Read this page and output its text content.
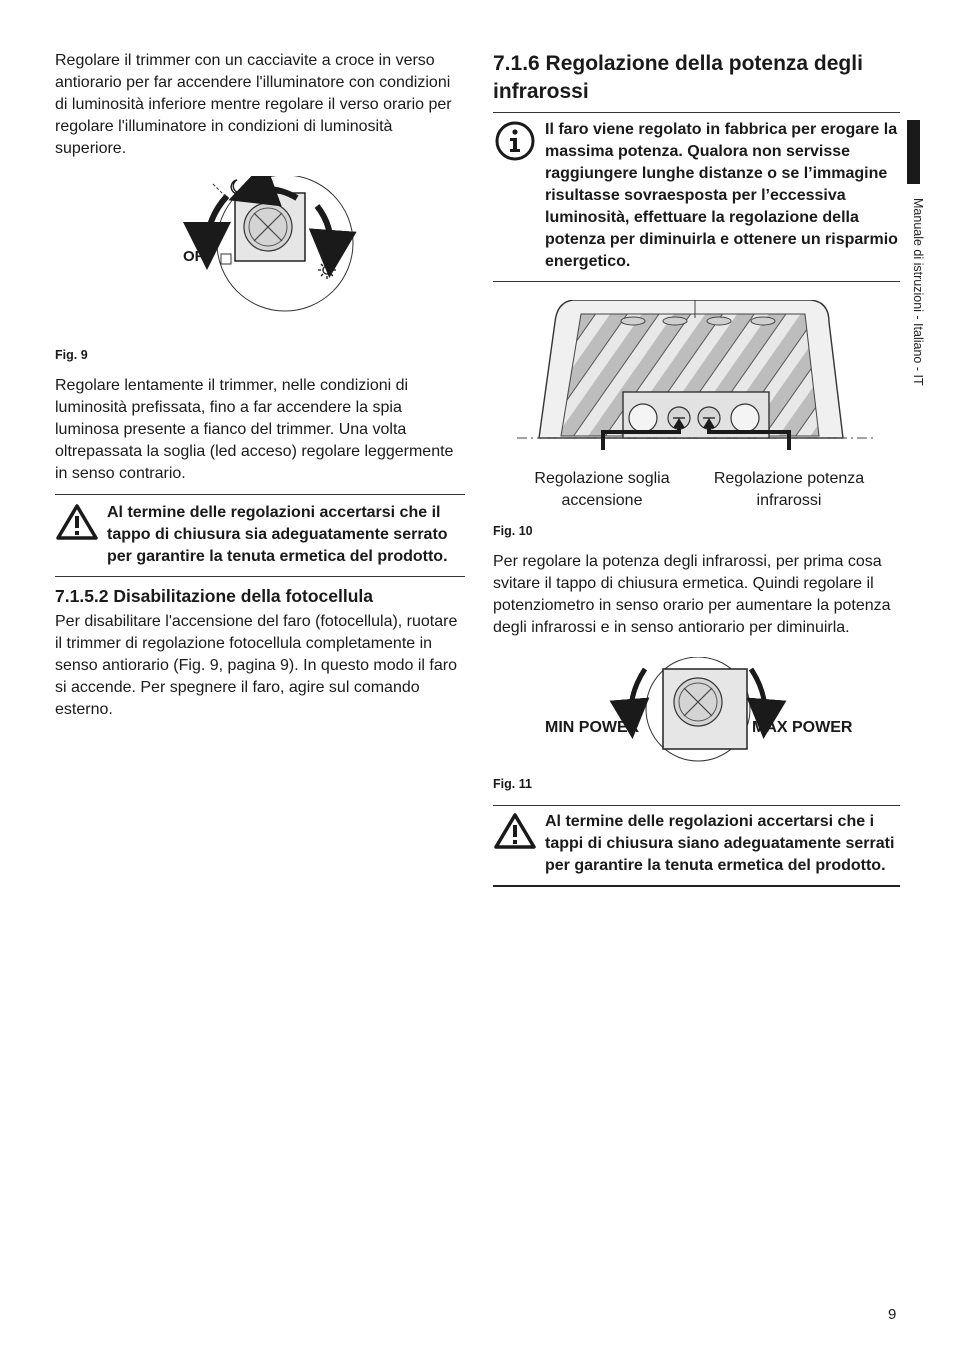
Regolare il trimmer con un cacciavite a croce in verso antiorario per far accendere l'illuminatore con condizioni di luminosità inferiore mentre regolare il verso orario per regolare l'illuminatore in condizioni di luminosità superiore.

OFF
Fig. 9

Regolare lentamente il trimmer, nelle condizioni di luminosità prefissata, fino a far accendere la spia luminosa presente a fianco del trimmer. Una volta oltrepassata la soglia (led acceso) regolare leggermente in senso contrario.

Al termine delle regolazioni accertarsi che il tappo di chiusura sia adeguatamente serrato per garantire la tenuta ermetica del prodotto.
7.1.5.2 Disabilitazione della fotocellula

Per disabilitare l'accensione del faro (fotocellula), ruotare il trimmer di regolazione fotocellula completamente in senso antiorario (Fig. 9, pagina 9). In questo modo il faro si accende. Per spegnere il faro, agire sul comando esterno.

7.1.6 Regolazione della potenza degli infrarossi
Il faro viene regolato in fabbrica per erogare la massima potenza. Qualora non servisse raggiungere lunghe distanze o se l’immagine risultasse sovraesposta per l’eccessiva luminosità, effettuare la regolazione della potenza per diminuirla e ottenere un risparmio energetico.
Regolazione soglia accensione
Regolazione potenza infrarossi
Fig. 10

Per regolare la potenza degli infrarossi, per prima cosa svitare il tappo di chiusura ermetica. Quindi regolare il potenziometro in senso orario per aumentare la potenza degli infrarossi e in senso antiorario per diminuirla.

MIN POWER	MAX POWER
Fig. 11
Al termine delle regolazioni accertarsi che i tappi di chiusura siano adeguatamente serrati per garantire la tenuta ermetica del prodotto.
Manuale di istruzioni - Italiano - IT
9
